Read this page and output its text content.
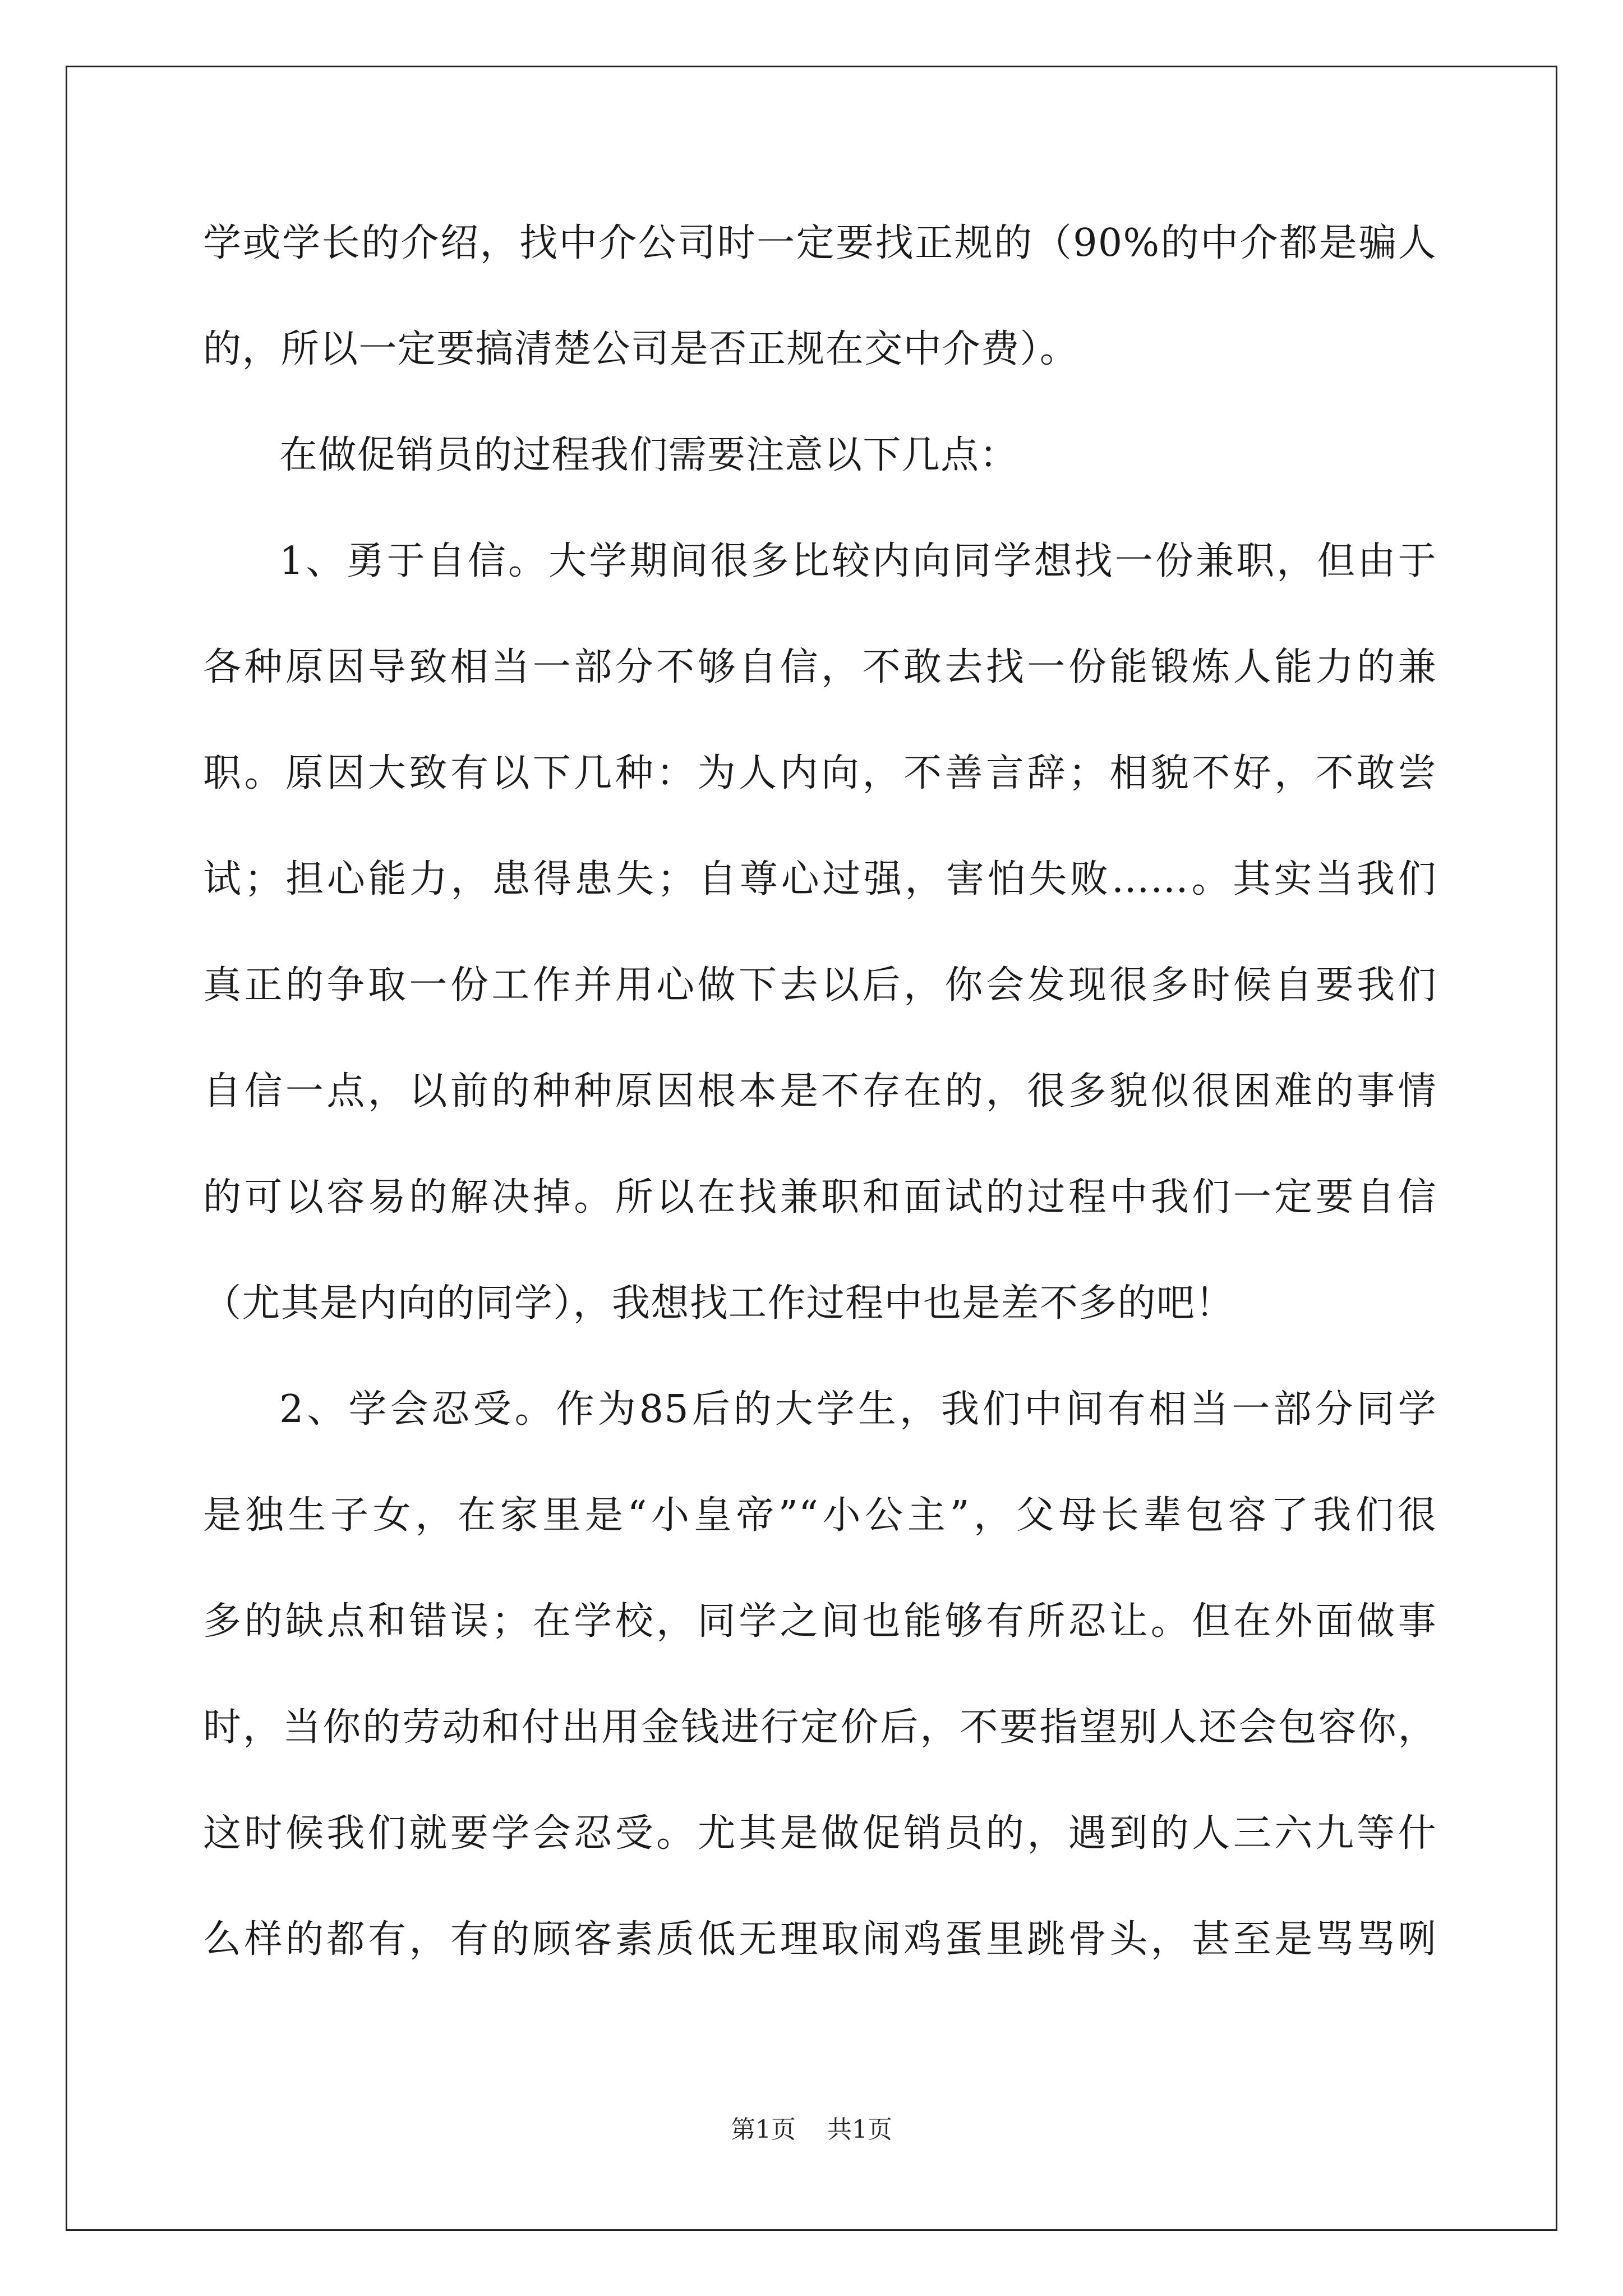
学或学长的介绍，找中介公司时一定要找正规的（90%的中介都是骗人
的，所以一定要搞清楚公司是否正规在交中介费）。
在做促销员的过程我们需要注意以下几点：
1、勇于自信。大学期间很多比较内向同学想找一份兼职，但由于
各种原因导致相当一部分不够自信，不敢去找一份能锻炼人能力的兼
职。原因大致有以下几种：为人内向，不善言辞；相貌不好，不敢尝
试；担心能力，患得患失；自尊心过强，害怕失败……。其实当我们
真正的争取一份工作并用心做下去以后，你会发现很多时候自要我们
自信一点，以前的种种原因根本是不存在的，很多貌似很困难的事情
的可以容易的解决掉。所以在找兼职和面试的过程中我们一定要自信
（尤其是内向的同学），我想找工作过程中也是差不多的吧！
2、学会忍受。作为85后的大学生，我们中间有相当一部分同学
是独生子女，在家里是“小皇帝”“小公主”，父母长辈包容了我们很
多的缺点和错误；在学校，同学之间也能够有所忍让。但在外面做事
时，当你的劳动和付出用金钱进行定价后，不要指望别人还会包容你，
这时候我们就要学会忍受。尤其是做促销员的，遇到的人三六九等什
么样的都有，有的顾客素质低无理取闹鸡蛋里跳骨头，甚至是骂骂咧
第1页    共1页
